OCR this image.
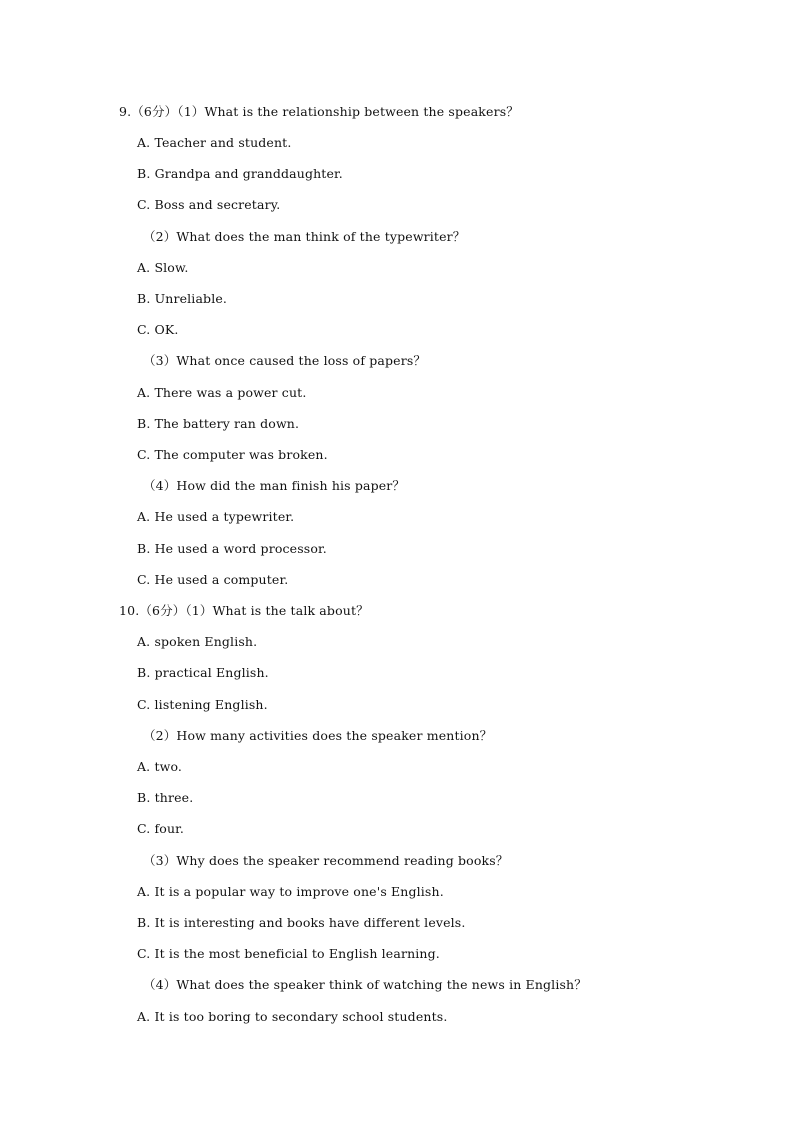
9.（6分）（1）What is the relationship between the speakers？
A. Teacher and student.
B. Grandpa and granddaughter.
C. Boss and secretary.
（2）What does the man think of the typewriter？
A. Slow.
B. Unreliable.
C. OK.
（3）What once caused the loss of papers？
A. There was a power cut.
B. The battery ran down.
C. The computer was broken.
（4）How did the man finish his paper？
A. He used a typewriter.
B. He used a word processor.
C. He used a computer.
10.（6分）（1）What is the talk about？
A. spoken English.
B. practical English.
C. listening English.
（2）How many activities does the speaker mention？
A. two.
B. three.
C. four.
（3）Why does the speaker recommend reading books？
A. It is a popular way to improve one's English.
B. It is interesting and books have different levels.
C. It is the most beneficial to English learning.
（4）What does the speaker think of watching the news in English？
A. It is too boring to secondary school students.
